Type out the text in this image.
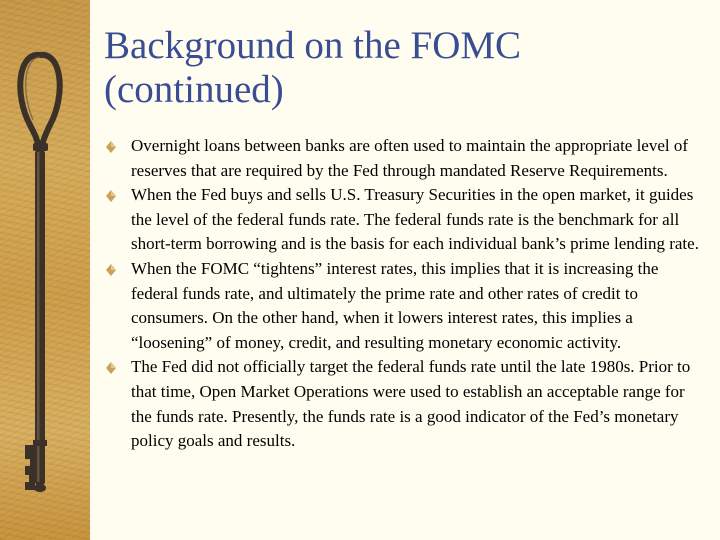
Background on the FOMC
(continued)
Overnight loans between banks are often used to maintain the appropriate level of reserves that are required by the Fed through mandated Reserve Requirements.
When the Fed buys and sells U.S. Treasury Securities in the open market, it guides the level of the federal funds rate. The federal funds rate is the benchmark for all short-term borrowing and is the basis for each individual bank’s prime lending rate.
When the FOMC “tightens” interest rates, this implies that it is increasing the federal funds rate, and ultimately the prime rate and other rates of credit to consumers. On the other hand, when it lowers interest rates, this implies a “loosening” of money, credit, and resulting monetary economic activity.
The Fed did not officially target the federal funds rate until the late 1980s. Prior to that time, Open Market Operations were used to establish an acceptable range for the funds rate. Presently, the funds rate is a good indicator of the Fed’s monetary policy goals and results.
